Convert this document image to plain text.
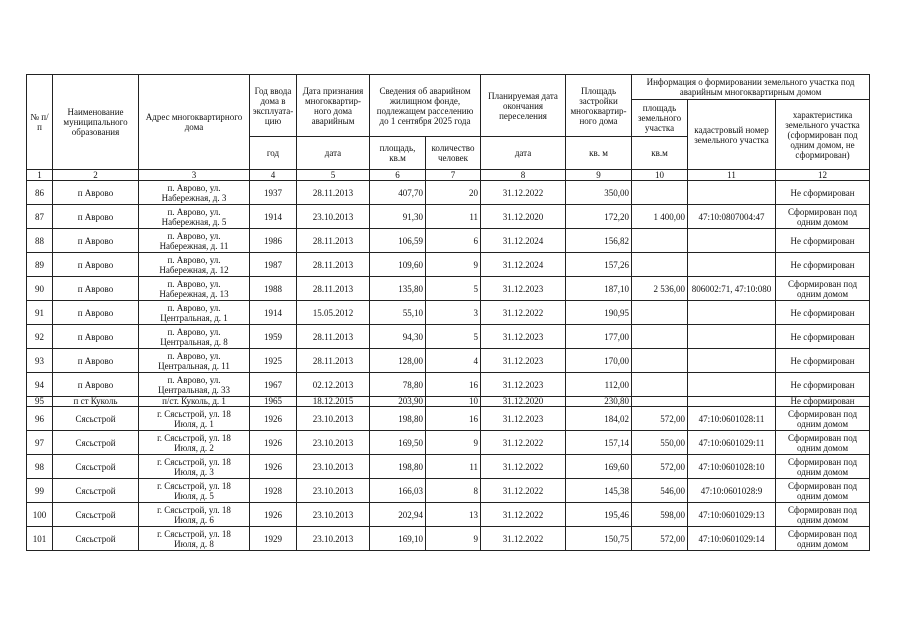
№ п/п	Наименование муниципального образования	Адрес многоквартирного дома	Год ввода дома в эксплуата-цию	Дата признания многоквартир-ного дома аварийным	Сведения об аварийном жилищном фонде, подлежащем расселению до 1 сентября 2025 года		Планируемая дата окончания переселения	Площадь застройки многоквартир-ного дома	Информация о формировании земельного участка под аварийным многоквартирным домом		
									площадь земельного участка	кадастровый номер земельного участка	характеристика земельного участка (сформирован под одним домом, не сформирован)
			год	дата	площадь, кв.м	количество человек	дата	кв. м	кв.м		
1	2	3	4	5	6	7	8	9	10	11	12
86	п Аврово	п. Аврово, ул.
Набережная, д. 3	1937	28.11.2013	407,70	20	31.12.2022	350,00			Не сформирован
87	п Аврово	п. Аврово, ул.
Набережная, д. 5	1914	23.10.2013	91,30	11	31.12.2020	172,20	1 400,00	47:10:0807004:47	Сформирован под
одним домом
88	п Аврово	п. Аврово, ул.
Набережная, д. 11	1986	28.11.2013	106,59	6	31.12.2024	156,82			Не сформирован
89	п Аврово	п. Аврово, ул.
Набережная, д. 12	1987	28.11.2013	109,60	9	31.12.2024	157,26			Не сформирован
90	п Аврово	п. Аврово, ул.
Набережная, д. 13	1988	28.11.2013	135,80	5	31.12.2023	187,10	2 536,00	806002:71, 47:10:080	Сформирован под
одним домом
91	п Аврово	п. Аврово, ул.
Центральная, д. 1	1914	15.05.2012	55,10	3	31.12.2022	190,95			Не сформирован
92	п Аврово	п. Аврово, ул.
Центральная, д. 8	1959	28.11.2013	94,30	5	31.12.2023	177,00			Не сформирован
93	п Аврово	п. Аврово, ул.
Центральная, д. 11	1925	28.11.2013	128,00	4	31.12.2023	170,00			Не сформирован
94	п Аврово	п. Аврово, ул.
Центральная, д. 33	1967	02.12.2013	78,80	16	31.12.2023	112,00			Не сформирован
95	п ст Куколь	п/ст. Куколь, д. 1	1965	18.12.2015	203,90	10	31.12.2020	230,80			Не сформирован
96	Сясьстрой	г. Сясьстрой, ул. 18
Июля, д. 1	1926	23.10.2013	198,80	16	31.12.2023	184,02	572,00	47:10:0601028:11	Сформирован под
одним домом
97	Сясьстрой	г. Сясьстрой, ул. 18
Июля, д. 2	1926	23.10.2013	169,50	9	31.12.2022	157,14	550,00	47:10:0601029:11	Сформирован под
одним домом
98	Сясьстрой	г. Сясьстрой, ул. 18
Июля, д. 3	1926	23.10.2013	198,80	11	31.12.2022	169,60	572,00	47:10:0601028:10	Сформирован под
одним домом
99	Сясьстрой	г. Сясьстрой, ул. 18
Июля, д. 5	1928	23.10.2013	166,03	8	31.12.2022	145,38	546,00	47:10:0601028:9	Сформирован под
одним домом
100	Сясьстрой	г. Сясьстрой, ул. 18
Июля, д. 6	1926	23.10.2013	202,94	13	31.12.2022	195,46	598,00	47:10:0601029:13	Сформирован под
одним домом
101	Сясьстрой	г. Сясьстрой, ул. 18
Июля, д. 8	1929	23.10.2013	169,10	9	31.12.2022	150,75	572,00	47:10:0601029:14	Сформирован под
одним домом
